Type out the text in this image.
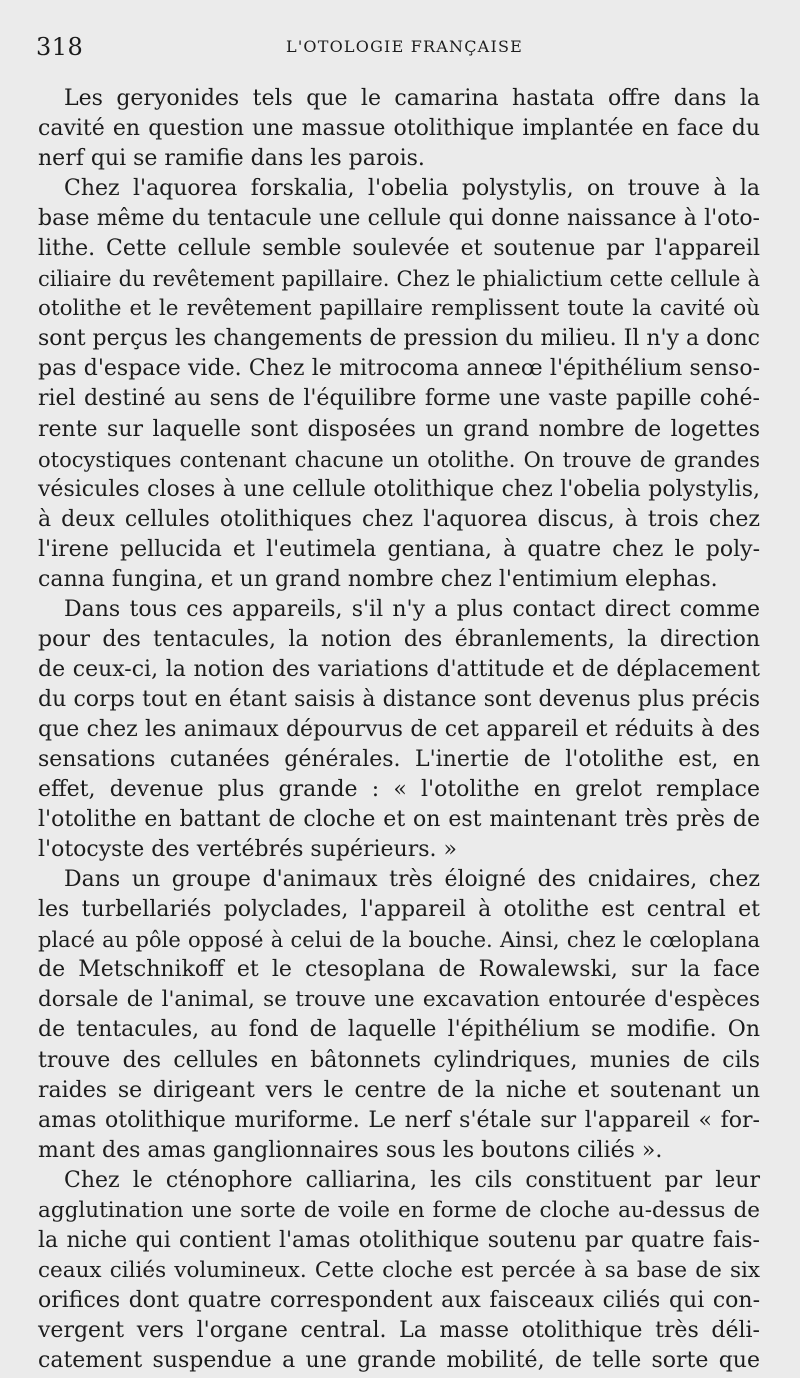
318	L'OTOLOGIE FRANÇAISE
Les geryonides tels que le camarina hastata offre dans la
cavité en question une massue otolithique implantée en face du
nerf qui se ramifie dans les parois.
Chez l'aquorea forskalia, l'obelia polystylis, on trouve à la
base même du tentacule une cellule qui donne naissance à l'oto-
lithe. Cette cellule semble soulevée et soutenue par l'appareil
ciliaire du revêtement papillaire. Chez le phialictium cette cellule à
otolithe et le revêtement papillaire remplissent toute la cavité où
sont perçus les changements de pression du milieu. Il n'y a donc
pas d'espace vide. Chez le mitrocoma anneœ l'épithélium senso-
riel destiné au sens de l'équilibre forme une vaste papille cohé-
rente sur laquelle sont disposées un grand nombre de logettes
otocystiques contenant chacune un otolithe. On trouve de grandes
vésicules closes à une cellule otolithique chez l'obelia polystylis,
à deux cellules otolithiques chez l'aquorea discus, à trois chez
l'irene pellucida et l'eutimela gentiana, à quatre chez le poly-
canna fungina, et un grand nombre chez l'entimium elephas.
Dans tous ces appareils, s'il n'y a plus contact direct comme
pour des tentacules, la notion des ébranlements, la direction
de ceux-ci, la notion des variations d'attitude et de déplacement
du corps tout en étant saisis à distance sont devenus plus précis
que chez les animaux dépourvus de cet appareil et réduits à des
sensations cutanées générales. L'inertie de l'otolithe est, en
effet, devenue plus grande : « l'otolithe en grelot remplace
l'otolithe en battant de cloche et on est maintenant très près de
l'otocyste des vertébrés supérieurs. »
Dans un groupe d'animaux très éloigné des cnidaires, chez
les turbellariés polyclades, l'appareil à otolithe est central et
placé au pôle opposé à celui de la bouche. Ainsi, chez le cœloplana
de Metschnikoff et le ctesoplana de Rowalewski, sur la face
dorsale de l'animal, se trouve une excavation entourée d'espèces
de tentacules, au fond de laquelle l'épithélium se modifie. On
trouve des cellules en bâtonnets cylindriques, munies de cils
raides se dirigeant vers le centre de la niche et soutenant un
amas otolithique muriforme. Le nerf s'étale sur l'appareil « for-
mant des amas ganglionnaires sous les boutons ciliés ».
Chez le cténophore calliarina, les cils constituent par leur
agglutination une sorte de voile en forme de cloche au-dessus de
la niche qui contient l'amas otolithique soutenu par quatre fais-
ceaux ciliés volumineux. Cette cloche est percée à sa base de six
orifices dont quatre correspondent aux faisceaux ciliés qui con-
vergent vers l'organe central. La masse otolithique très déli-
catement suspendue a une grande mobilité, de telle sorte que
